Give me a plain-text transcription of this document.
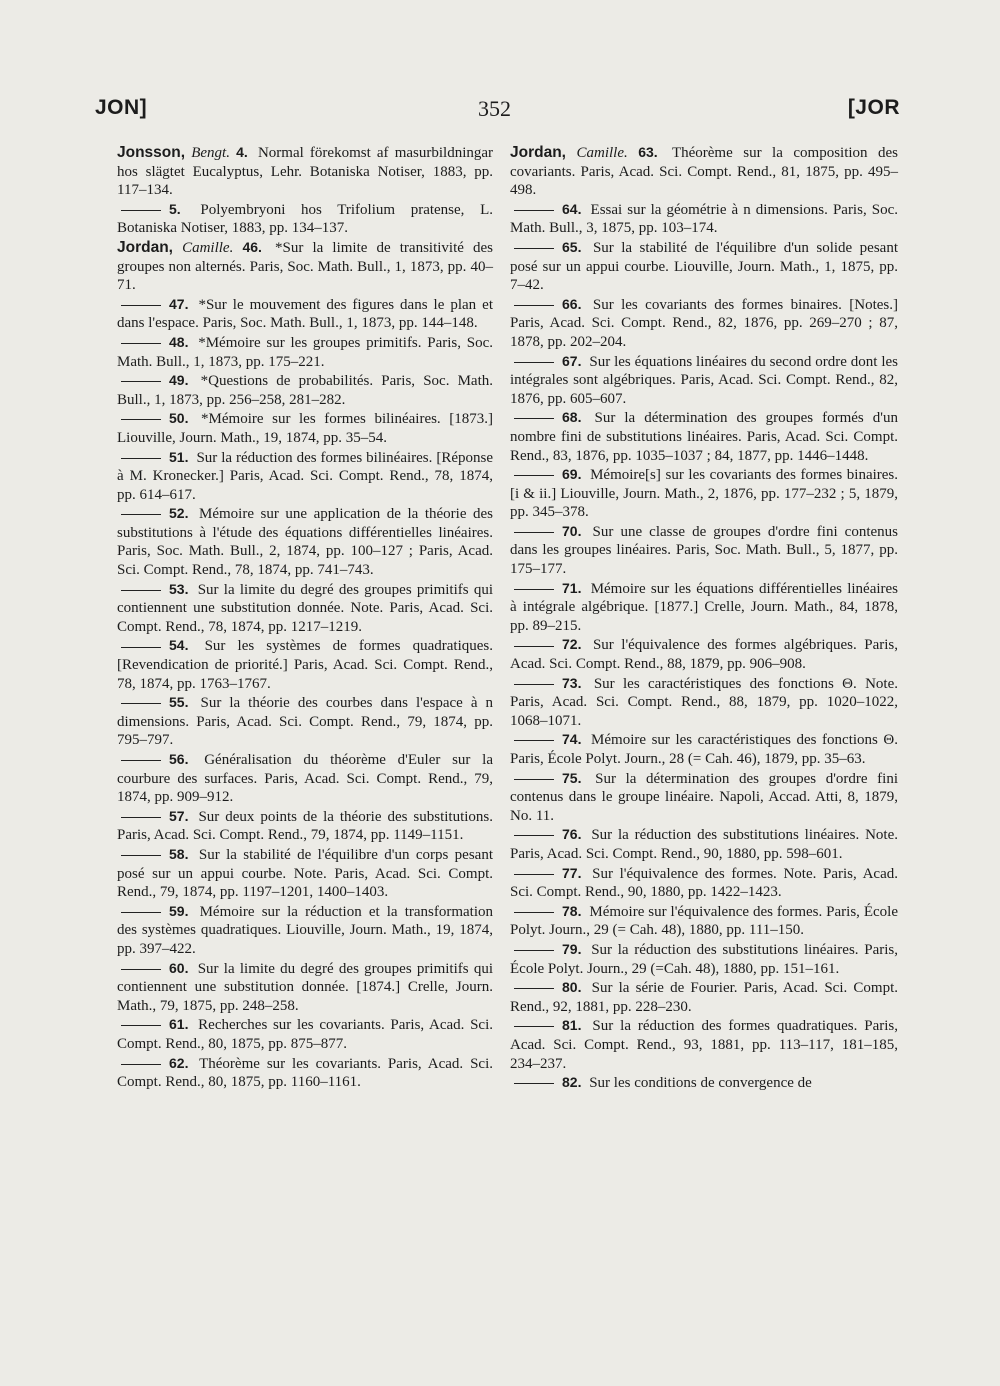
JON]	352	[JOR

Jonsson, Bengt. 4. Normal förekomst af masurbildningar hos slägtet Eucalyptus, Lehr. Botaniska Notiser, 1883, pp. 117–134.

5. Polyembryoni hos Trifolium pratense, L. Botaniska Notiser, 1883, pp. 134–137.

Jordan, Camille. 46. *Sur la limite de transitivité des groupes non alternés. Paris, Soc. Math. Bull., 1, 1873, pp. 40–71.

47. *Sur le mouvement des figures dans le plan et dans l'espace. Paris, Soc. Math. Bull., 1, 1873, pp. 144–148.

48. *Mémoire sur les groupes primitifs. Paris, Soc. Math. Bull., 1, 1873, pp. 175–221.

49. *Questions de probabilités. Paris, Soc. Math. Bull., 1, 1873, pp. 256–258, 281–282.

50. *Mémoire sur les formes bilinéaires. [1873.] Liouville, Journ. Math., 19, 1874, pp. 35–54.

51. Sur la réduction des formes bilinéaires. [Réponse à M. Kronecker.] Paris, Acad. Sci. Compt. Rend., 78, 1874, pp. 614–617.

52. Mémoire sur une application de la théorie des substitutions à l'étude des équations différentielles linéaires. Paris, Soc. Math. Bull., 2, 1874, pp. 100–127 ; Paris, Acad. Sci. Compt. Rend., 78, 1874, pp. 741–743.

53. Sur la limite du degré des groupes primitifs qui contiennent une substitution donnée. Note. Paris, Acad. Sci. Compt. Rend., 78, 1874, pp. 1217–1219.

54. Sur les systèmes de formes quadratiques. [Revendication de priorité.] Paris, Acad. Sci. Compt. Rend., 78, 1874, pp. 1763–1767.

55. Sur la théorie des courbes dans l'espace à n dimensions. Paris, Acad. Sci. Compt. Rend., 79, 1874, pp. 795–797.

56. Généralisation du théorème d'Euler sur la courbure des surfaces. Paris, Acad. Sci. Compt. Rend., 79, 1874, pp. 909–912.

57. Sur deux points de la théorie des substitutions. Paris, Acad. Sci. Compt. Rend., 79, 1874, pp. 1149–1151.

58. Sur la stabilité de l'équilibre d'un corps pesant posé sur un appui courbe. Note. Paris, Acad. Sci. Compt. Rend., 79, 1874, pp. 1197–1201, 1400–1403.

59. Mémoire sur la réduction et la transformation des systèmes quadratiques. Liouville, Journ. Math., 19, 1874, pp. 397–422.

60. Sur la limite du degré des groupes primitifs qui contiennent une substitution donnée. [1874.] Crelle, Journ. Math., 79, 1875, pp. 248–258.

61. Recherches sur les covariants. Paris, Acad. Sci. Compt. Rend., 80, 1875, pp. 875–877.

62. Théorème sur les covariants. Paris, Acad. Sci. Compt. Rend., 80, 1875, pp. 1160–1161.

Jordan, Camille. 63. Théorème sur la composition des covariants. Paris, Acad. Sci. Compt. Rend., 81, 1875, pp. 495–498.

64. Essai sur la géométrie à n dimensions. Paris, Soc. Math. Bull., 3, 1875, pp. 103–174.

65. Sur la stabilité de l'équilibre d'un solide pesant posé sur un appui courbe. Liouville, Journ. Math., 1, 1875, pp. 7–42.

66. Sur les covariants des formes binaires. [Notes.] Paris, Acad. Sci. Compt. Rend., 82, 1876, pp. 269–270 ; 87, 1878, pp. 202–204.

67. Sur les équations linéaires du second ordre dont les intégrales sont algébriques. Paris, Acad. Sci. Compt. Rend., 82, 1876, pp. 605–607.

68. Sur la détermination des groupes formés d'un nombre fini de substitutions linéaires. Paris, Acad. Sci. Compt. Rend., 83, 1876, pp. 1035–1037 ; 84, 1877, pp. 1446–1448.

69. Mémoire[s] sur les covariants des formes binaires. [i & ii.] Liouville, Journ. Math., 2, 1876, pp. 177–232 ; 5, 1879, pp. 345–378.

70. Sur une classe de groupes d'ordre fini contenus dans les groupes linéaires. Paris, Soc. Math. Bull., 5, 1877, pp. 175–177.

71. Mémoire sur les équations différentielles linéaires à intégrale algébrique. [1877.] Crelle, Journ. Math., 84, 1878, pp. 89–215.

72. Sur l'équivalence des formes algébriques. Paris, Acad. Sci. Compt. Rend., 88, 1879, pp. 906–908.

73. Sur les caractéristiques des fonctions Θ. Note. Paris, Acad. Sci. Compt. Rend., 88, 1879, pp. 1020–1022, 1068–1071.

74. Mémoire sur les caractéristiques des fonctions Θ. Paris, École Polyt. Journ., 28 (= Cah. 46), 1879, pp. 35–63.

75. Sur la détermination des groupes d'ordre fini contenus dans le groupe linéaire. Napoli, Accad. Atti, 8, 1879, No. 11.

76. Sur la réduction des substitutions linéaires. Note. Paris, Acad. Sci. Compt. Rend., 90, 1880, pp. 598–601.

77. Sur l'équivalence des formes. Note. Paris, Acad. Sci. Compt. Rend., 90, 1880, pp. 1422–1423.

78. Mémoire sur l'équivalence des formes. Paris, École Polyt. Journ., 29 (= Cah. 48), 1880, pp. 111–150.

79. Sur la réduction des substitutions linéaires. Paris, École Polyt. Journ., 29 (=Cah. 48), 1880, pp. 151–161.

80. Sur la série de Fourier. Paris, Acad. Sci. Compt. Rend., 92, 1881, pp. 228–230.

81. Sur la réduction des formes quadratiques. Paris, Acad. Sci. Compt. Rend., 93, 1881, pp. 113–117, 181–185, 234–237.

82. Sur les conditions de convergence de
